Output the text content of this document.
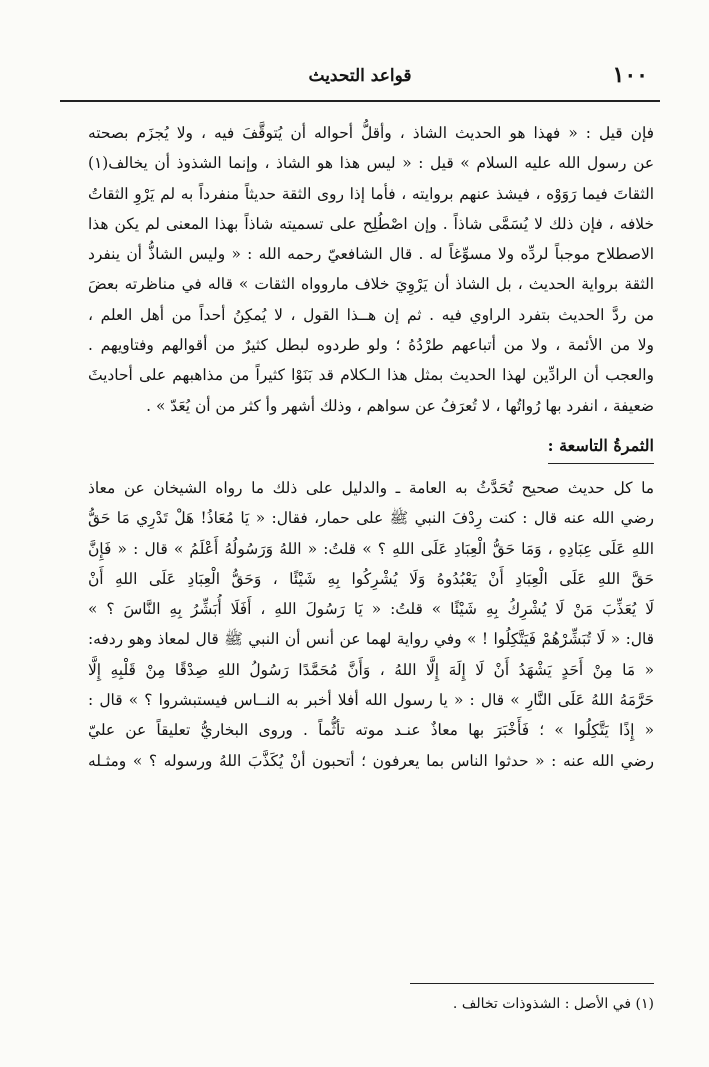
١٠٠
قواعد التحديث
فإن قيل : « فهذا هو الحديث الشاذ ، وأقلُّ أحواله أن يُتوقَّفَ فيه ، ولا يُجزَم بصحته
عن رسول الله عليه السلام » قيل : « ليس هذا هو الشاذ ، وإنما الشذوذ أن يخالف(١)
الثقاتَ فيما رَوَوْه ، فيشذ عنهم بروايته ، فأما إذا روى الثقة حديثاً منفرداً به لم يَرْوِ الثقاتُ
خلافه ، فإن ذلك لا يُسَمَّى شاذاً . وإن اصْطُلِح على تسميته شاذاً بهذا المعنى لم يكن هذا
الاصطلاح موجباً لردِّه ولا مسوِّغاً له . قال الشافعيّ رحمه الله : « وليس الشاذُّ أن ينفرد
الثقة برواية الحديث ، بل الشاذ أن يَرْوِيَ خلاف ماروواه الثقات » قاله في مناظرته بعضَ
من ردَّ الحديث بتفرد الراوي فيه . ثم إن هــذا القول ، لا يُمكِنُ أحداً من أهل العلم ،
ولا من الأئمة ، ولا من أتباعهم طرْدُهُ ؛ ولو طردوه لبطل كثيرٌ من أقوالهم وفتاويهم .
والعجب أن الرادِّين لهذا الحديث بمثل هذا الـكلام قد بَنَوْا كثيراً من مذاهبهم على أحاديثَ
ضعيفة ، انفرد بها رُواتُها ، لا تُعرَفُ عن سواهم ، وذلك أشهر وأ كثر من أن يُعَدّ » .
الثمرةُ التاسعة :
ما كل حديث صحيح تُحَدَّثُ به العامة ـ والدليل على ذلك ما رواه الشيخان عن معاذ
رضي الله عنه قال : كنت رِدْفَ النبي ﷺ على حمار، فقال: « يَا مُعَاذُ! هَلْ تَدْرِي مَا حَقُّ
اللهِ عَلَى عِبَادِهِ ، وَمَا حَقُّ الْعِبَادِ عَلَى اللهِ ؟ » قلتُ: « اللهُ وَرَسُولُهُ أَعْلَمُ » قال : « فَإِنَّ
حَقَّ اللهِ عَلَى الْعِبَادِ أَنْ يَعْبُدُوهُ وَلَا يُشْرِكُوا بِهِ شَيْئًا ، وَحَقُّ الْعِبَادِ عَلَى اللهِ أَنْ
لَا يُعَذِّبَ مَنْ لَا يُشْرِكُ بِهِ شَيْئًا » قلتُ: « يَا رَسُولَ اللهِ ، أَفَلَا أُبَشِّرُ بِهِ النَّاسَ ؟ »
قال: « لَا تُبَشِّرْهُمْ فَيَتَّكِلُوا ! » وفي رواية لهما عن أنس أن النبي ﷺ قال لمعاذ وهو ردفه:
« مَا مِنْ أَحَدٍ يَشْهَدُ أَنْ لَا إِلَهَ إِلَّا اللهُ ، وَأَنَّ مُحَمَّدًا رَسُولُ اللهِ صِدْقًا مِنْ قَلْبِهِ إِلَّا
حَرَّمَهُ اللهُ عَلَى النَّارِ » قال : « يا رسول الله أفلا أخبر به النــاس فيستبشروا ؟ » قال :
« إِذًا يَتَّكِلُوا » ؛ فَأَخْبَرَ بها معاذٌ عنـد موته تأثُّماً . وروى البخاريُّ تعليقاً عن عليّ
رضي الله عنه : « حدثوا الناس بما يعرفون ؛ أتحبون أنْ يُكَذَّبَ اللهُ ورسوله ؟ » ومثـله
(١) في الأصل : الشذوذات تخالف .
